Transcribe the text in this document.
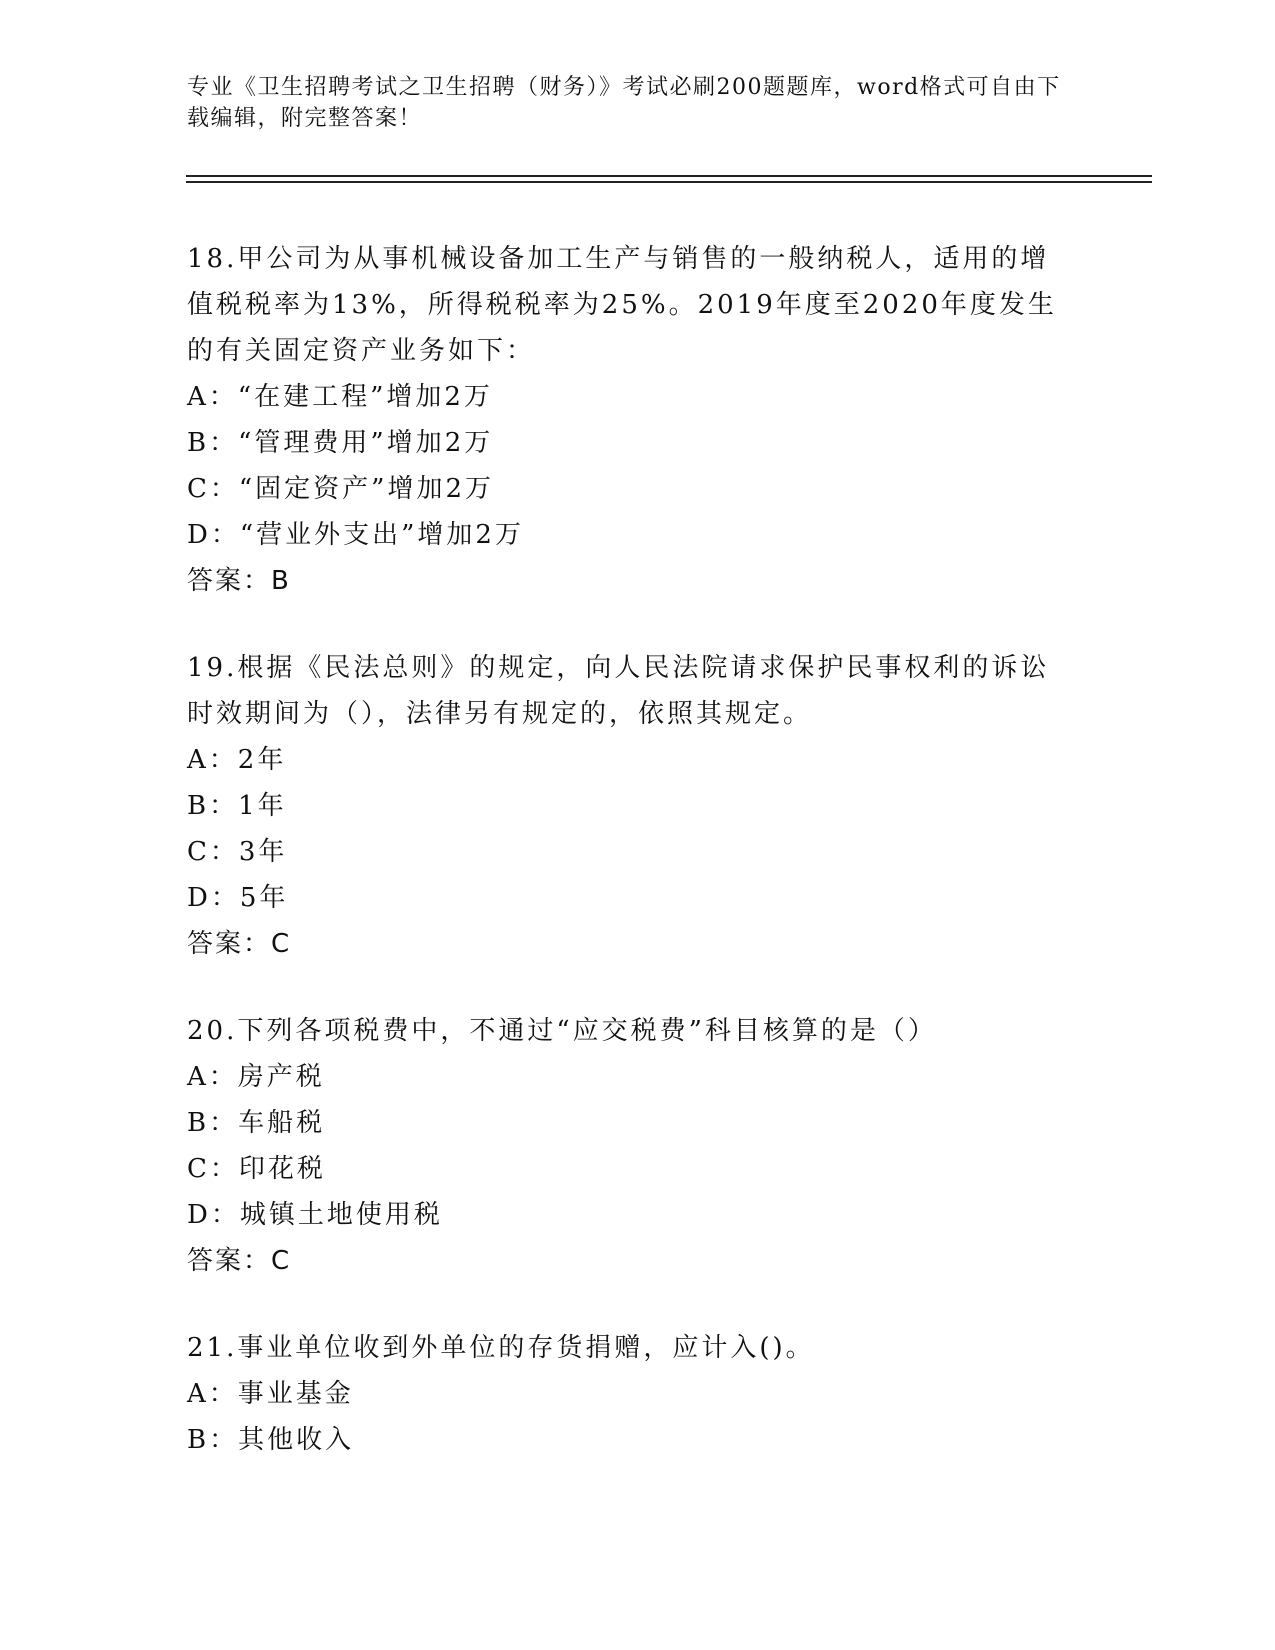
专业《卫生招聘考试之卫生招聘（财务）》考试必刷200题题库，word格式可自由下载编辑，附完整答案！
18.甲公司为从事机械设备加工生产与销售的一般纳税人，适用的增值税税率为13%，所得税税率为25%。2019年度至2020年度发生的有关固定资产业务如下：
A：“在建工程”增加2万
B：“管理费用”增加2万
C：“固定资产”增加2万
D：“营业外支出”增加2万
答案：B
19.根据《民法总则》的规定，向人民法院请求保护民事权利的诉讼时效期间为（），法律另有规定的，依照其规定。
A：2年
B：1年
C：3年
D：5年
答案：C
20.下列各项税费中，不通过“应交税费”科目核算的是（）
A：房产税
B：车船税
C：印花税
D：城镇土地使用税
答案：C
21.事业单位收到外单位的存货捐赠，应计入()。
A：事业基金
B：其他收入
